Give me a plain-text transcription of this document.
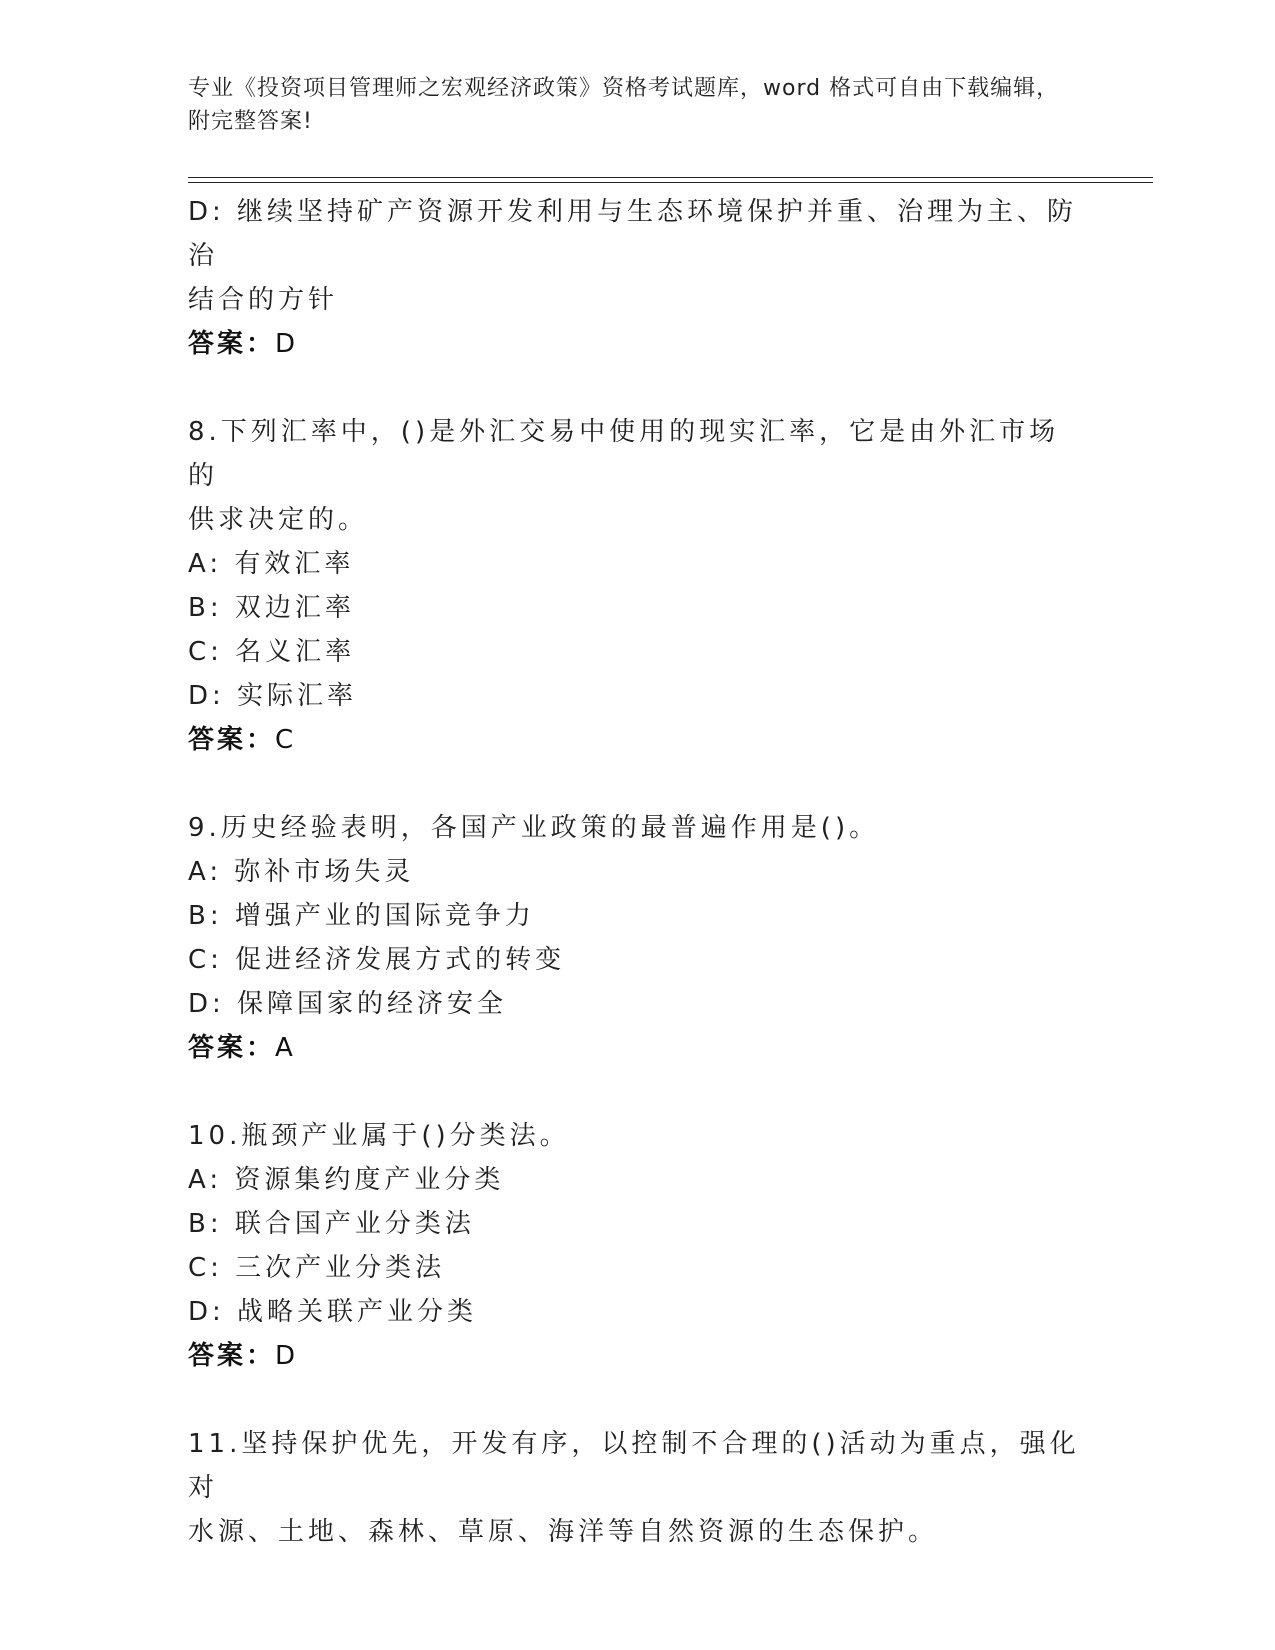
专业《投资项目管理师之宏观经济政策》资格考试题库，word 格式可自由下载编辑，附完整答案!
D: 继续坚持矿产资源开发利用与生态环境保护并重、治理为主、防治
结合的方针
答案：D
8.下列汇率中，()是外汇交易中使用的现实汇率，它是由外汇市场的
供求决定的。
A: 有效汇率
B: 双边汇率
C: 名义汇率
D: 实际汇率
答案：C
9.历史经验表明，各国产业政策的最普遍作用是()。
A: 弥补市场失灵
B: 增强产业的国际竞争力
C: 促进经济发展方式的转变
D: 保障国家的经济安全
答案：A
10.瓶颈产业属于()分类法。
A: 资源集约度产业分类
B: 联合国产业分类法
C: 三次产业分类法
D: 战略关联产业分类
答案：D
11.坚持保护优先，开发有序，以控制不合理的()活动为重点，强化对
水源、土地、森林、草原、海洋等自然资源的生态保护。
